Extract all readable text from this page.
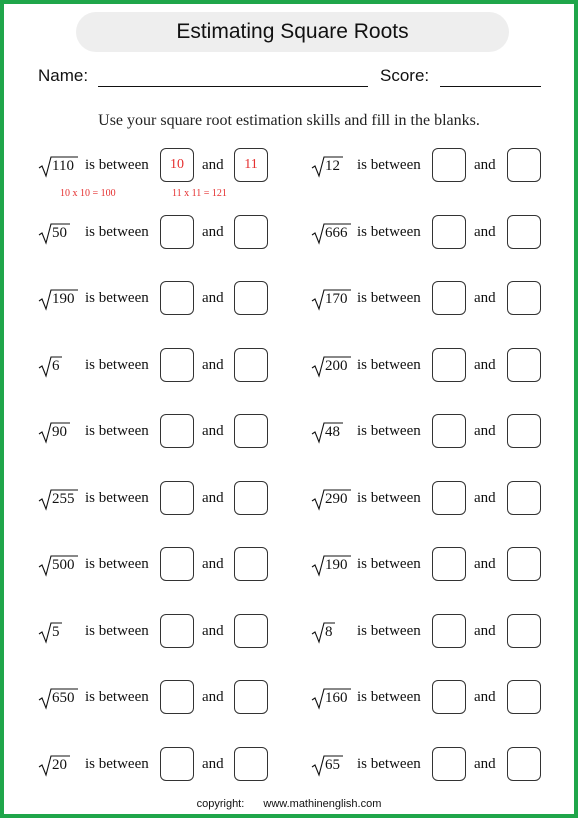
Estimating Square Roots
Name:	Score:
Use your square root estimation skills and fill in the blanks.
110 is between	10	and	11
50 is between	and
190 is between	and
6 is between	and
90 is between	and
255 is between	and
500 is between	and
5 is between	and
650 is between	and
20 is between	and
12 is between	and
666 is between	and
170 is between	and
200 is between	and
48 is between	and
290 is between	and
190 is between	and
8 is between	and
160 is between	and
65 is between	and
10 x 10 = 100	11 x 11 = 121
copyright: www.mathinenglish.com
